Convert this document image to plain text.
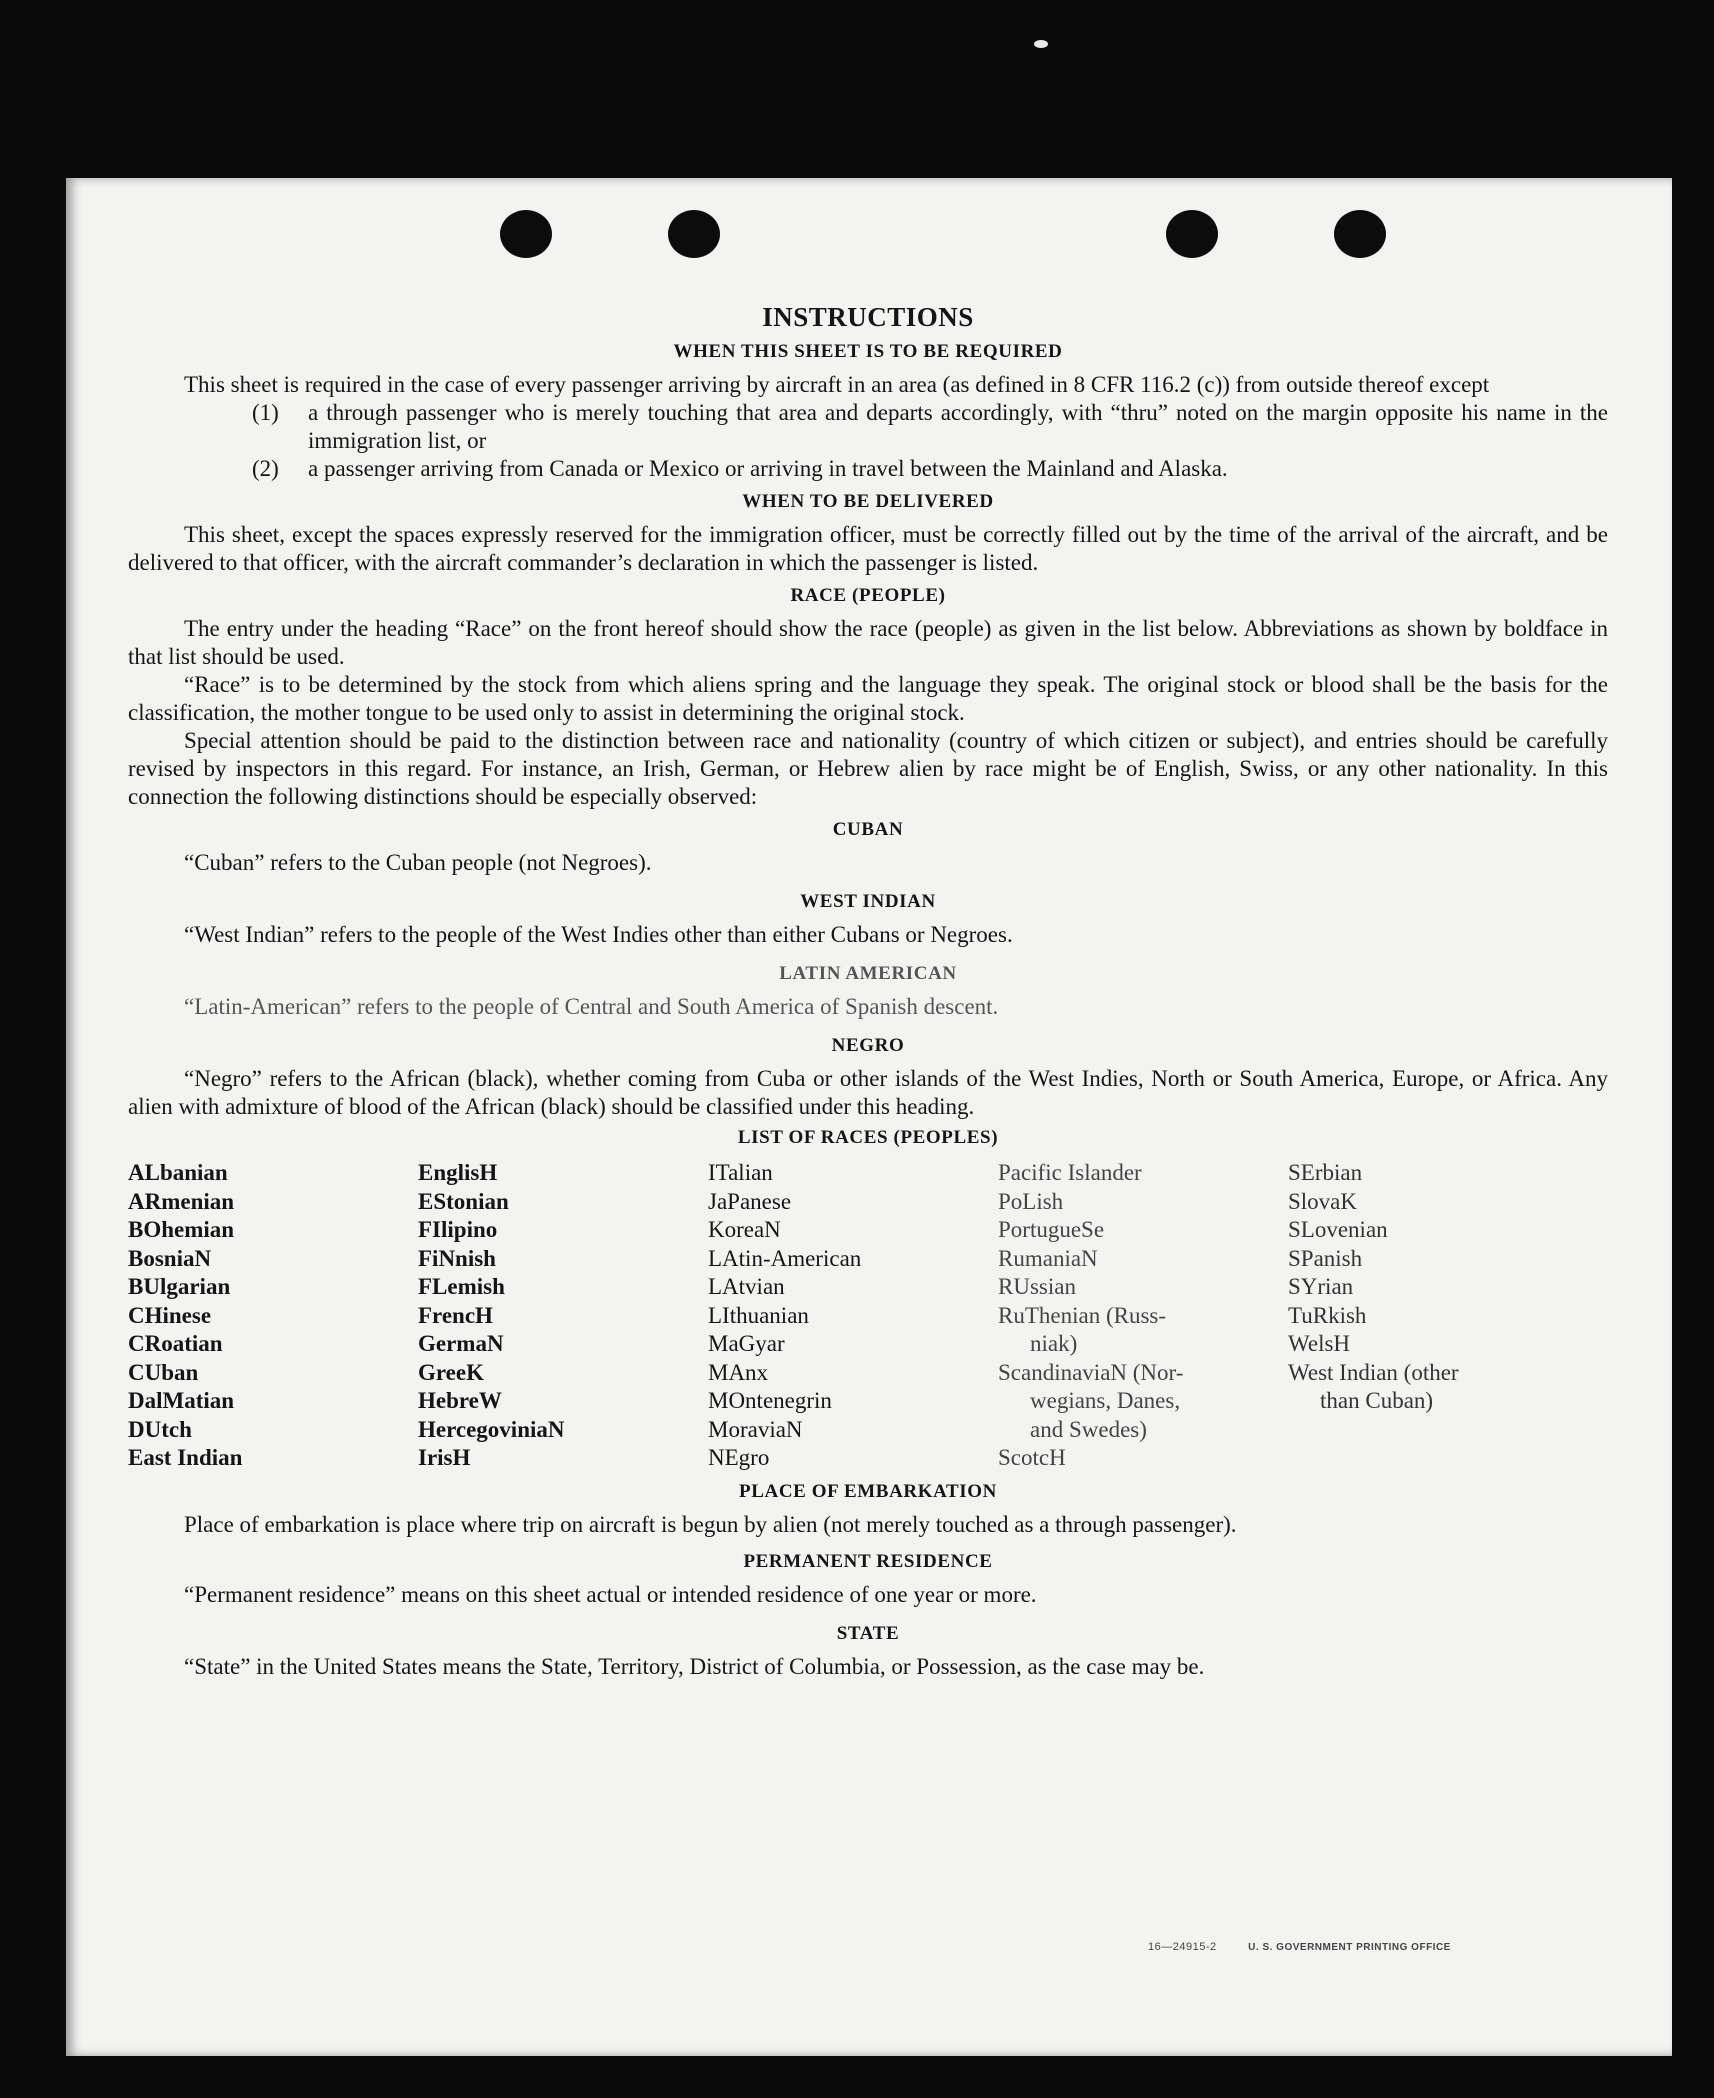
INSTRUCTIONS
WHEN THIS SHEET IS TO BE REQUIRED

This sheet is required in the case of every passenger arriving by aircraft in an area (as defined in 8 CFR 116.2 (c)) from outside thereof except

(1)	a through passenger who is merely touching that area and departs accordingly, with “thru” noted on the margin opposite his name in the immigration list, or
(2)	a passenger arriving from Canada or Mexico or arriving in travel between the Mainland and Alaska.
WHEN TO BE DELIVERED

This sheet, except the spaces expressly reserved for the immigration officer, must be correctly filled out by the time of the arrival of the aircraft, and be delivered to that officer, with the aircraft commander’s declaration in which the passenger is listed.

RACE (PEOPLE)

The entry under the heading “Race” on the front hereof should show the race (people) as given in the list below. Abbreviations as shown by boldface in that list should be used.

“Race” is to be determined by the stock from which aliens spring and the language they speak. The original stock or blood shall be the basis for the classification, the mother tongue to be used only to assist in determining the original stock.

Special attention should be paid to the distinction between race and nationality (country of which citizen or subject), and entries should be carefully revised by inspectors in this regard. For instance, an Irish, German, or Hebrew alien by race might be of English, Swiss, or any other nationality. In this connection the following distinctions should be especially observed:

CUBAN

“Cuban” refers to the Cuban people (not Negroes).

WEST INDIAN

“West Indian” refers to the people of the West Indies other than either Cubans or Negroes.

LATIN AMERICAN

“Latin-American” refers to the people of Central and South America of Spanish descent.

NEGRO

“Negro” refers to the African (black), whether coming from Cuba or other islands of the West Indies, North or South America, Europe, or Africa. Any alien with admixture of blood of the African (black) should be classified under this heading.

LIST OF RACES (PEOPLES)
ALbanian
ARmenian
BOhemian
BosniaN
BUlgarian
CHinese
CRoatian
CUban
DalMatian
DUtch
East Indian
EnglisH
EStonian
FIlipino
FiNnish
FLemish
FrencH
GermaN
GreeK
HebreW
HercegoviniaN
IrisH
ITalian
JaPanese
KoreaN
LAtin-American
LAtvian
LIthuanian
MaGyar
MAnx
MOntenegrin
MoraviaN
NEgro
Pacific Islander
PoLish
PortugueSe
RumaniaN
RUssian
RuThenian (Russ-
niak)
ScandinaviaN (Nor-
wegians, Danes,
and Swedes)
ScotcH
SErbian
SlovaK
SLovenian
SPanish
SYrian
TuRkish
WelsH
West Indian (other
than Cuban)
PLACE OF EMBARKATION

Place of embarkation is place where trip on aircraft is begun by alien (not merely touched as a through passenger).

PERMANENT RESIDENCE

“Permanent residence” means on this sheet actual or intended residence of one year or more.

STATE

“State” in the United States means the State, Territory, District of Columbia, or Possession, as the case may be.

16—24915-2	U. S. GOVERNMENT PRINTING OFFICE
